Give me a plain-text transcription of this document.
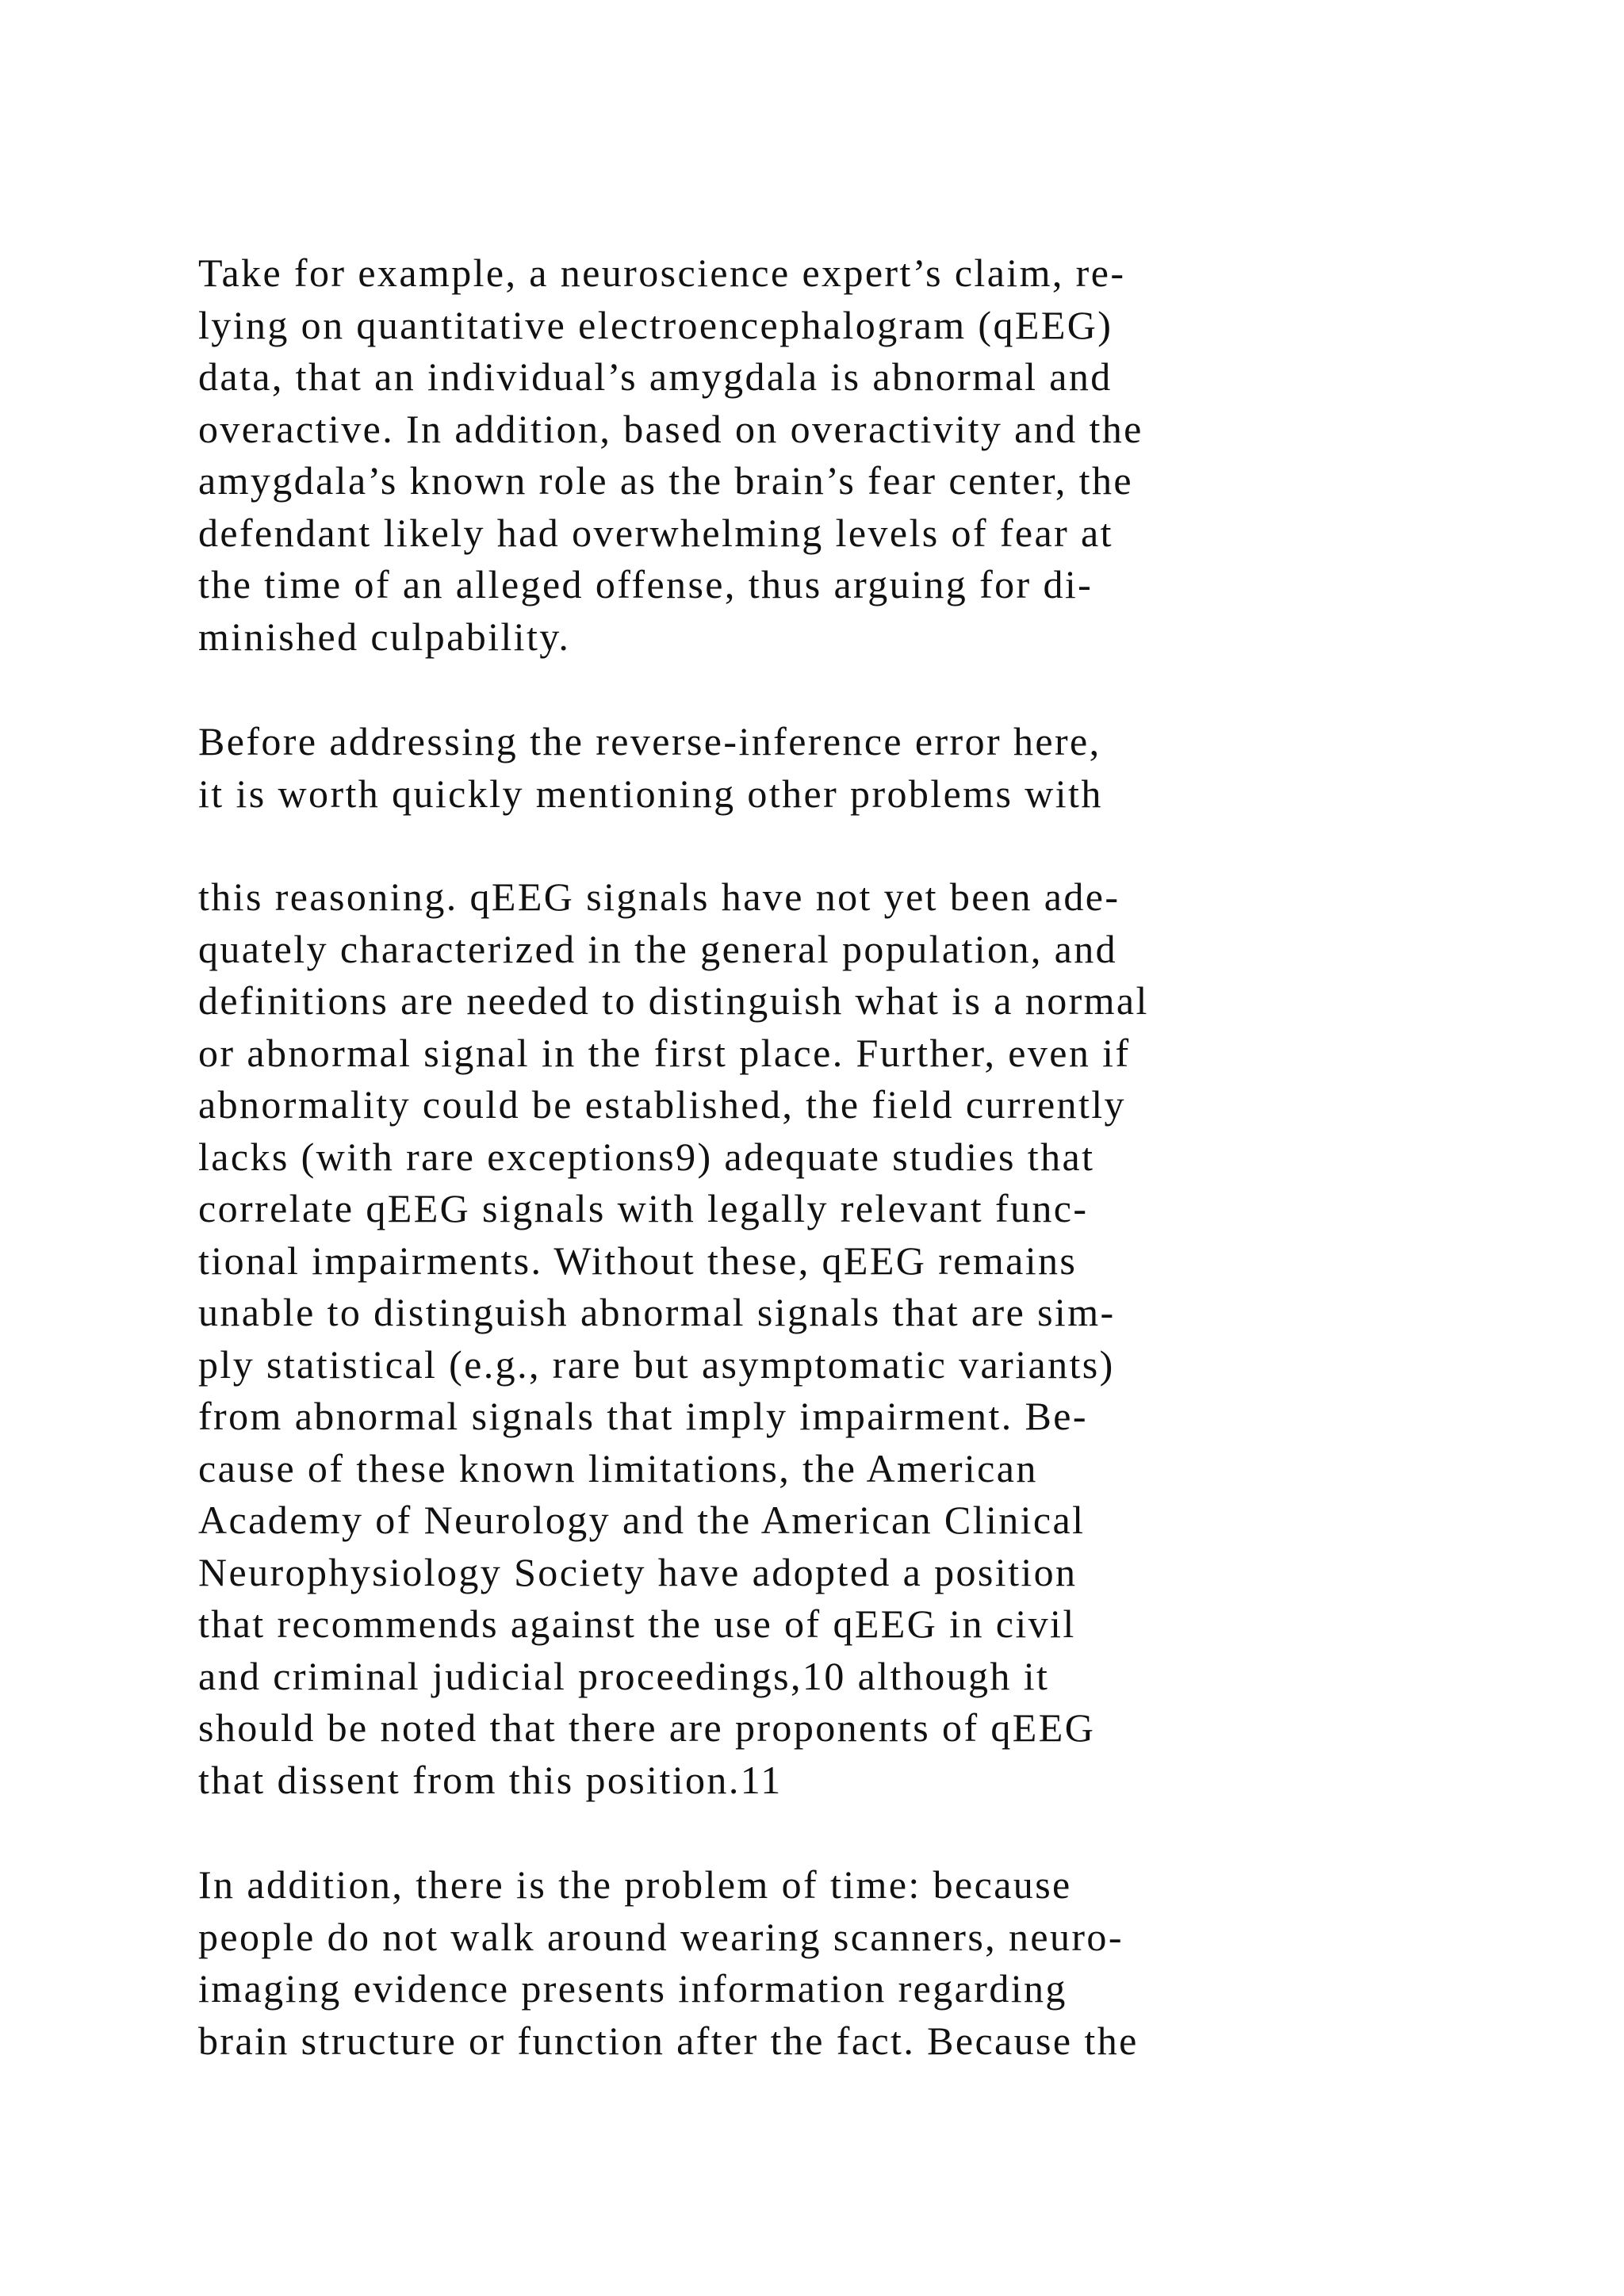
Take for example, a neuroscience expert’s claim, re-
lying on quantitative electroencephalogram (qEEG)
data, that an individual’s amygdala is abnormal and
overactive. In addition, based on overactivity and the
amygdala’s known role as the brain’s fear center, the
defendant likely had overwhelming levels of fear at
the time of an alleged offense, thus arguing for di-
minished culpability.
Before addressing the reverse-inference error here,
it is worth quickly mentioning other problems with
this reasoning. qEEG signals have not yet been ade-
quately characterized in the general population, and
definitions are needed to distinguish what is a normal
or abnormal signal in the first place. Further, even if
abnormality could be established, the field currently
lacks (with rare exceptions9) adequate studies that
correlate qEEG signals with legally relevant func-
tional impairments. Without these, qEEG remains
unable to distinguish abnormal signals that are sim-
ply statistical (e.g., rare but asymptomatic variants)
from abnormal signals that imply impairment. Be-
cause of these known limitations, the American
Academy of Neurology and the American Clinical
Neurophysiology Society have adopted a position
that recommends against the use of qEEG in civil
and criminal judicial proceedings,10 although it
should be noted that there are proponents of qEEG
that dissent from this position.11
In addition, there is the problem of time: because
people do not walk around wearing scanners, neuro-
imaging evidence presents information regarding
brain structure or function after the fact. Because the
